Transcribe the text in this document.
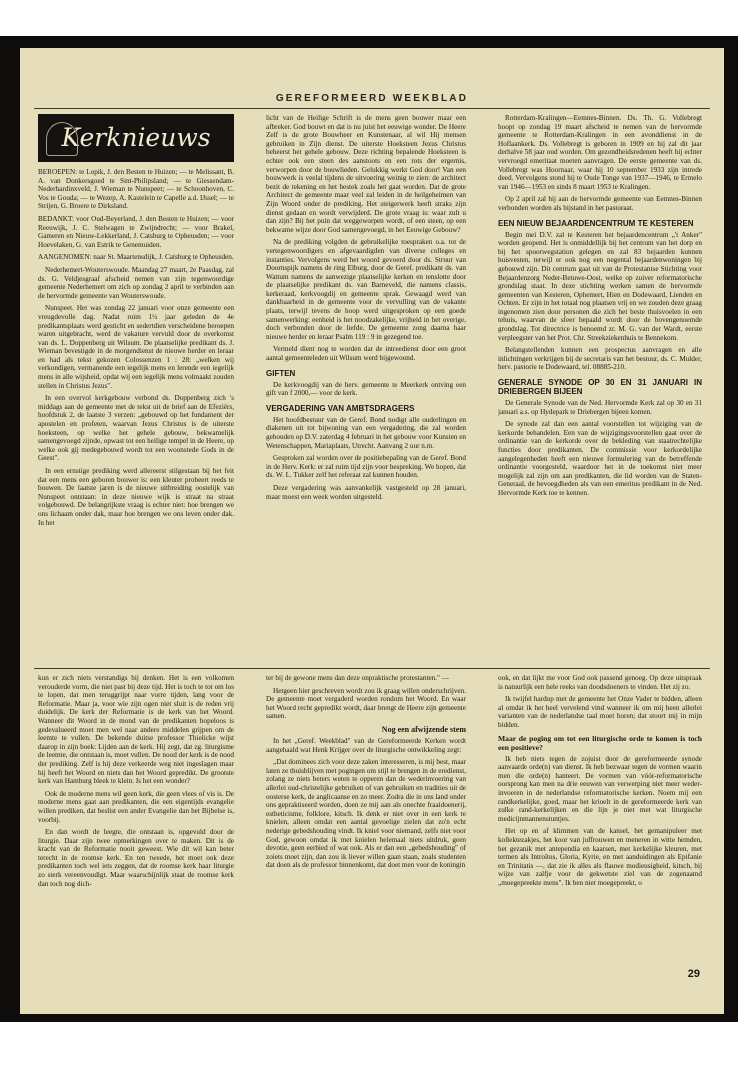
GEREFORMEERD WEEKBLAD
Kerknieuws

BEROEPEN: te Lopik, J. den Besten te Huizen; — te Melissant, B. A. van Donkersgoed te Sint-Philipsland; — te Giessendam-Nederhardinxveld, J. Wieman te Nunspeet; — te Schoonhoven, C. Vos te Gouda; — te Wezep, A. Kastelein te Capelle a.d. IJssel; — te Strijen, G. Broere te Dirksland.

BEDANKT: voor Oud-Beyerland, J. den Besten te Huizen; — voor Reeuwijk, J. C. Stelwagen te Zwijndrecht; — voor Brakel, Gameren en Nieuw-Lekkerland, J. Catsburg te Opheusden; — voor Hoevelaken, G. van Estrik te Genemuiden.

AANGENOMEN: naar St. Maartensdijk, J. Catsburg te Opheusden.

Nederhemert-Wouterswoude. Maandag 27 maart, 2e Paasdag, zal ds. G. Veldjesgraaf afscheid nemen van zijn tegenwoordige gemeente Nederhemert om zich op zondag 2 april te verbinden aan de hervormde gemeente van Wouterswoude.

Nunspeet. Het was zondag 22 januari voor onze gemeente een vreugdevolle dag. Nadat ruim 1½ jaar geleden de 4e predikantsplaats werd gesticht en sedertdien verscheidene beroepen waren uitgebracht, werd de vakature vervuld door de overkomst van ds. L. Doppenberg uit Wilsum. De plaatselijke predikant ds. J. Wieman bevestigde in de morgendienst de nieuwe herder en leraar en had als tekst gekozen Colossenzen 1 : 28: „welken wij verkondigen, vermanende een iegelijk mens en lerende een iegelijk mens in alle wijsheid, opdat wij een iegelijk mens volmaakt zouden stellen in Christus Jezus".

In een overvol kerkgebouw verbond ds. Doppenberg zich 's middags aan de gemeente met de tekst uit de brief aan de Efeziërs, hoofdstuk 2, de laatste 3 verzen: „gebouwd op het fundament der apostelen en profeten, waarvan Jezus Christus is de uiterste hoeksteen, op welke het gehele gebouw, bekwamelijk samengevoegd zijnde, opwast tot een heilige tempel in de Heere, op welke ook gij medegebouwd wordt tot een woonstede Gods in de Geest".

In een ernstige prediking werd allereerst stilgestaan bij het feit dat een mens een geboren bouwer is: een kleuter probeert reeds te bouwen. De laatste jaren is de nieuwe uitbreiding oostelijk van Nunspeet ontstaan: in deze nieuwe wijk is straat na straat volgebouwd. De belangrijkste vraag is echter niet: hoe brengen we ons lichaam onder dak, maar hoe brengen we ons leven onder dak. In het

licht van de Heilige Schrift is de mens geen bouwer maar een afbreker. God bouwt en dat is nu juist het eeuwige wonder. De Heere Zelf is de grote Bouwheer en Kunstenaar, al wil Hij mensen gebruiken in Zijn dienst. De uiterste Hoeksteen Jezus Christus beheerst het gehele gebouw. Deze richting bepalende Hoeksteen is echter ook een steen des aanstoots en een rots der ergernis, verworpen door de bouwlieden. Gelukkig werkt God door! Van een bouwwerk is veelal tijdens de uitvoering weinig te zien: de architect bezit de tekening en het bestek zoals het gaat worden. Dat de grote Architect de gemeente maar veel zal leiden in de heilgeheimen van Zijn Woord onder de prediking. Het steigerwerk heeft straks zijn dienst gedaan en wordt verwijderd. De grote vraag is: waar zult u dan zijn? Bij het puin dat weggeworpen wordt, of een steen, op een bekwame wijze door God samengevoegd, in het Eeuwige Gebouw?

Na de prediking volgden de gebruikelijke toespraken o.a. tot de vertegenwoordigers en afgevaardigden van diverse colleges en instanties. Vervolgens werd het woord gevoerd door ds. Struur van Doornspijk namens de ring Elburg, door de Geref. predikant ds. van Wattum namens de aanwezige plaatselijke kerken en tenslotte door de plaatselijke predikant ds. van Barneveld, die namens classis, kerkeraad, kerkvoogdij en gemeente sprak. Gewaagd werd van dankbaarheid in de gemeente voor de vervulling van de vakante plaats, terwijl tevens de hoop werd uitgesproken op een goede samenwerking: eenheid is het noodzakelijke, vrijheid in het overige, doch verbonden door de liefde. De gemeente zong daarna haar nieuwe herder en leraar Psalm 119 : 9 in gezegend toe.

Vermeld dient nog te worden dat de intreedienst door een groot aantal gemeenteleden uit Wilsum werd bijgewoond.

GIFTEN

De kerkvoogdij van de herv. gemeente te Meerkerk ontving een gift van f 2000,— voor de kerk.

VERGADERING VAN AMBTSDRAGERS

Het hoofdbestuur van de Geref. Bond nodigt alle ouderlingen en diakenen uit tot bijwoning van een vergadering, die zal worden gehouden op D.V. zaterdag 4 februari in het gebouw voor Kunsten en Wetenschappen, Mariaplaats, Utrecht. Aanvang 2 uur n.m.

Gesproken zal worden over de positiebepaling van de Geref. Bond in de Herv. Kerk: er zal ruim tijd zijn voor bespreking. We hopen, dat ds. W. L. Tukker zelf het referaat zal kunnen houden.

Deze vergadering was aanvankelijk vastgesteld op 28 januari, maar moest een week worden uitgesteld.

Rotterdam-Kralingen—Eemnes-Binnen. Ds. Th. G. Vollebregt hoopt op zondag 19 maart afscheid te nemen van de hervormde gemeente te Rotterdam-Kralingen in een avonddienst in de Hoflaankerk. Ds. Vollebregt is geboren in 1909 en hij zal dit jaar derhalve 58 jaar oud worden. Om gezondheidsredenen heeft hij echter vervroegd emeritaat moeten aanvragen. De eerste gemeente van ds. Vollebregt was Hoornaar, waar hij 10 september 1933 zijn intrede deed. Vervolgens stond hij te Oude Tonge van 1937—1946, te Ermelo van 1946—1953 en sinds 8 maart 1953 te Kralingen.

Op 2 april zal hij aan de hervormde gemeente van Eemnes-Binnen verbonden worden als bijstand in het pastoraat.

EEN NIEUW BEJAARDENCENTRUM TE KESTEREN

Begin mei D.V. zal te Kesteren het bejaardencentrum „'t Anker" worden geopend. Het is onmiddellijk bij het centrum van het dorp en bij het spoorwegstation gelegen en zal 83 bejaarden kunnen huisvesten, terwijl er ook nog een negental bejaardenwoningen bij gebouwd zijn. Dit centrum gaat uit van de Protestantse Stichting voor Bejaardenzorg Neder-Betuwe-Oost, welke op zuiver reformatorische grondslag staat. In deze stichting werken samen de hervormde gemeenten van Kesteren, Ophemert, Hien en Dodewaard, Lienden en Ochten. Er zijn in het totaal nog plaatsen vrij en we zouden deze graag ingenomen zien door personen die zich het beste thuisvoelen in een tehuis, waarvan de sfeer bepaald wordt door de bovengenoemde grondslag. Tot directrice is benoemd zr. M. G. van der Wardt, eerste verpleegster van het Prot. Chr. Streekziekenhuis te Bennekom.

Belangstellenden kunnen een prospectus aanvragen en alle inlichtingen verkrijgen bij de secretaris van het bestuur, ds. C. Mulder, herv. pastorie te Dodewaard, tel. 08885-210.

GENERALE SYNODE OP 30 EN 31 JANUARI IN DRIEBERGEN BIJEEN

De Generale Synode van de Ned. Hervormde Kerk zal op 30 en 31 januari a.s. op Hydepark te Driebergen bijeen komen.

De synode zal dan een aantal voorstellen tot wijziging van de kerkorde behandelen. Een van de wijzigingsvoorstellen gaat over de ordinantie van de kerkorde over de bekleding van staatrechtelijke functies door predikanten. De commissie voor kerkordelijke aangelegenheden heeft een nieuwe formulering van de betreffende ordinantie voorgesteld, waardoor het in de toekomst niet meer mogelijk zal zijn om aan predikanten, die lid worden van de Staten-Generaal, de bevoegdheden als van een emeritus predikant in de Ned. Hervormde Kerk toe te kennen.

kun er zich niets verstandigs bij denken. Het is een volkomen verouderde vorm, die niet past bij deze tijd. Het is toch te tot om los te lopen, dat men teruggrijpt naar vorre tijden, lang voor de Reformatie. Maar ja, voor wie zijn ogen niet sluit is de reden vrij duidelijk. De kerk der Reformatie is de kerk van het Woord. Wanneer dit Woord in de mond van de predikanten hopeloos is gedevalueerd moet men wel naar andere middelen grijpen om de leemte te vullen. De bekende duitse professor Thielicke wijst daarop in zijn boek: Lijden aan de kerk. Hij zegt, dat zg. liturgisme de leemte, die ontstaan is, moet vullen. De nood der kerk is de nood der prediking. Zelf is hij deze verkeerde weg niet ingeslagen maar hij heeft het Woord en niets dan het Woord gepredikt. De grootste kerk van Hamburg bleek te klein. Is het een wonder?

Ook de moderne mens wil geen kerk, die geen vlees of vis is. De moderne mens gaat aan predikanten, die een eigentijds evangelie willen prediken, dat beslist een ander Evangelie dan het Bijbelse is, voorbij.

En dan wordt de leegte, die ontstaan is, opgevuld door de liturgie. Daar zijn twee opmerkingen over te maken. Dit is de kracht van de Reformatie nooit geweest. Wie dit wil kan beter terecht in de roomse kerk. En ten tweede, het moet ook deze predikanten toch wel iets zeggen, dat de roomse kerk haar liturgie zo sterk vereenvoudigt. Maar waarschijnlijk staat de roomse kerk dan toch nog dich-

ter bij de gewone mens dan deze onpraktische protestanten." —

Hetgeen hier geschreven wordt zou ik graag willen onderschrijven. De gemeente moet vergaderd worden rondom het Woord. En waar het Woord recht gepredikt wordt, daar brengt de Heere zijn gemeente samen.

Nog een afwijzende stem

In het „Geref. Weekblad" van de Gereformeerde Kerken wordt aangehaald wat Henk Krijger over de liturgische ontwikkeling zegt:

„Dat dominees zich voor deze zaken interesseren, is mij best, maar laten ze thuisblijven met pogingen om stijl te brengen in de eredienst, zolang ze niets beters weten te opperen dan de wederinvoering van allerlei oud-christelijke gebruiken of van gebruiken en tradities uit de oosterse kerk, de anglicaanse en zo meer. Zodra die in ons land onder ons gepraktiseerd worden, doen ze mij aan als onechte fraaidoenerij, estheticisme, folklore, kitsch. Ik denk er niet over in een kerk te knielen, alleen omdat een aantal gevoelige zielen dat zo'n echt nederige gebedshouding vindt. Ik kniel voor niemand, zelfs niet voor God, gewoon omdat ik met knielen helemaal niets uitdruk, geen devotie, geen eerbied of wat ook. Als er dan een „gebedshouding" of zoiets moet zijn, dan zou ik liever willen gaan staan, zoals studenten dat doen als de professor binnenkomt, dat doet men voor de koningin

ook, en dat lijkt me voor God ook passend genoeg. Op deze uitspraak is natuurlijk een hele reeks van doodsdoeners te vinden. Het zij zo.

Ik twijfel hardop met de gemeente het Onze Vader te bidden, alleen al omdat ik het heel vervelend vind wanneer ik om mij heen allerlei varianten van de nederlandse taal moet horen; dat stoort mij in mijn bidden.

Maar de poging om tot een liturgische orde te komen is toch een positieve?

Ik heb niets tegen de zojuist door de gereformeerde synode aanvaarde orde(n) van dienst. Ik heb bezwaar tegen de vormen waarin men die orde(n) hanteert. De vormen van vóór-reformatorische oorsprong kan men na drie eeuwen van verwerping niet meer weder-invoeren in de nederlandse reformatorische kerken. Noem mij een randkerkelijke, goed, maar het krioelt in de gereformeerde kerk van zulke rand-kerkelijken en die lijn je niet met wat liturgische medicijnmannenstuntjes.

Het op en af klimmen van de kansel, het gemanipuleer met kollektezakjes, het koor van juffrouwen en meneren in witte hemden, het gezanik met antependia en kaarsen, met kerkelijke kleuren, met termen als Introïtus, Gloria, Kyrie, en met aanduidingen als Epifanie en Trinitatis —, dat zie ik alles als flauwe modieusigheid, kitsch, bij wijze van zalfje voor de gekwetste ziel van de zogenaamd „moegepreekte mens". Ik ben niet moegepreekt, o

29
